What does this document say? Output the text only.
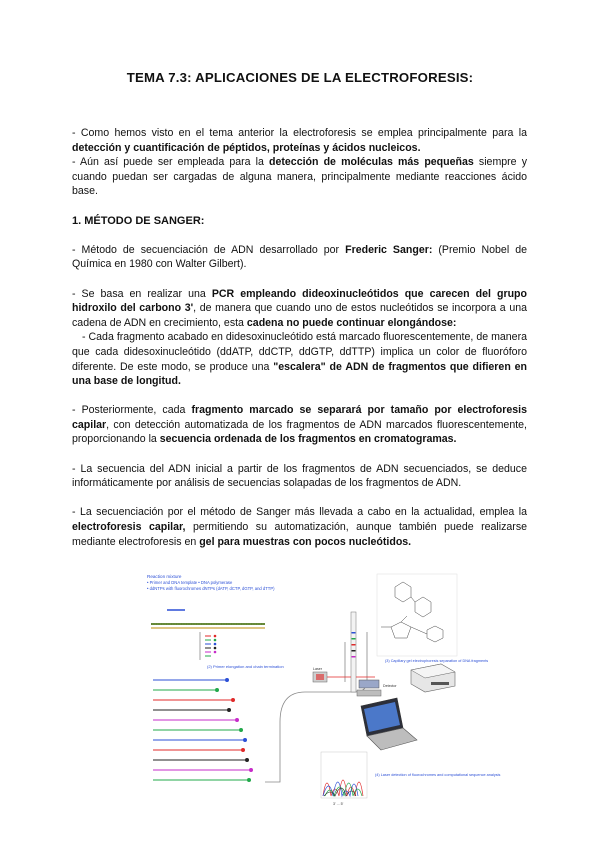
TEMA 7.3: APLICACIONES DE LA ELECTROFORESIS:

- Como hemos visto en el tema anterior la electroforesis se emplea principalmente para la detección y cuantificación de péptidos, proteínas y ácidos nucleicos.

- Aún así puede ser empleada para la detección de moléculas más pequeñas siempre y cuando puedan ser cargadas de alguna manera, principalmente mediante reacciones ácido base.

1. MÉTODO DE SANGER:

- Método de secuenciación de ADN desarrollado por Frederic Sanger: (Premio Nobel de Química en 1980 con Walter Gilbert).

- Se basa en realizar una PCR empleando dideoxinucleótidos que carecen del grupo hidroxilo del carbono 3', de manera que cuando uno de estos nucleótidos se incorpora a una cadena de ADN en crecimiento, esta cadena no puede continuar elongándose:

- Cada fragmento acabado en didesoxinucleótido está marcado fluorescentemente, de manera que cada didesoxinucleótido (ddATP, ddCTP, ddGTP, ddTTP) implica un color de fluoróforo diferente. De este modo, se produce una "escalera" de ADN de fragmentos que difieren en una base de longitud.

- Posteriormente, cada fragmento marcado se separará por tamaño por electroforesis capilar, con detección automatizada de los fragmentos de ADN marcados fluorescentemente, proporcionando la secuencia ordenada de los fragmentos en cromatogramas.

- La secuencia del ADN inicial a partir de los fragmentos de ADN secuenciados, se deduce informáticamente por análisis de secuencias solapadas de los fragmentos de ADN.

- La secuenciación por el método de Sanger más llevada a cabo en la actualidad, emplea la electroforesis capilar, permitiendo su automatización, aunque también puede realizarse mediante electroforesis en gel para muestras con pocos nucleótidos.

Reaction mixture
• Primer and DNA template • DNA polymerase
• ddNTPs with fluorochromes dNTPs (dATP, dCTP, dGTP, and dTTP)
(2) Primer elongation and chain termination
(3) Capillary gel electrophoresis separation of DNA fragments
Laser
Detector
(4) Laser detection of fluorochromes and computational sequence analysis
3' ... 5'
